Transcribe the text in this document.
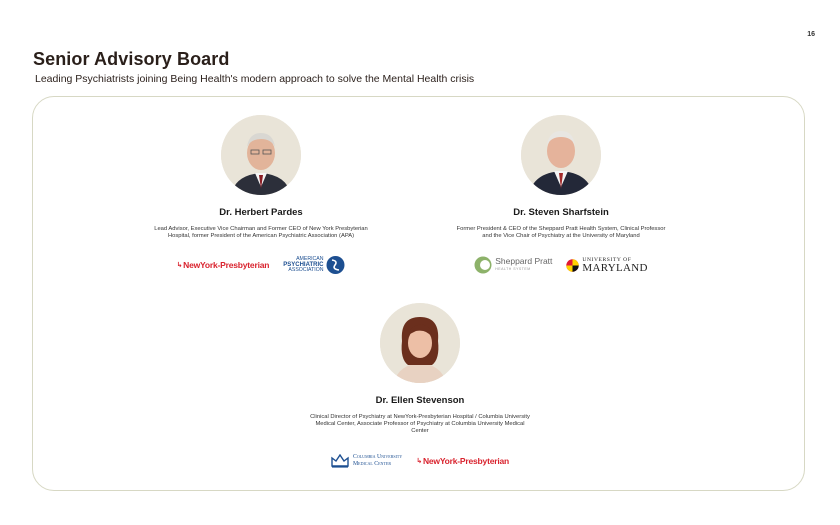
16
Senior Advisory Board
Leading Psychiatrists joining Being Health's modern approach to solve the Mental Health crisis
Dr. Herbert Pardes
Lead Advisor, Executive Vice Chairman and Former CEO of New York Presbyterian Hospital, former President of the American Psychiatric Association (APA)
↳ NewYork-Presbyterian
AMERICAN
PSYCHIATRIC
ASSOCIATION
Dr. Steven Sharfstein
Former President & CEO of the Sheppard Pratt Health System, Clinical Professor and the Vice Chair of Psychiatry at the University of Maryland
Sheppard Pratt
HEALTH SYSTEM
UNIVERSITY OF
MARYLAND
Dr. Ellen Stevenson
Clinical Director of Psychiatry at NewYork-Presbyterian Hospital / Columbia University Medical Center, Associate Professor of Psychiatry at Columbia University Medical Center
Columbia University
Medical Center	↳ NewYork-Presbyterian
